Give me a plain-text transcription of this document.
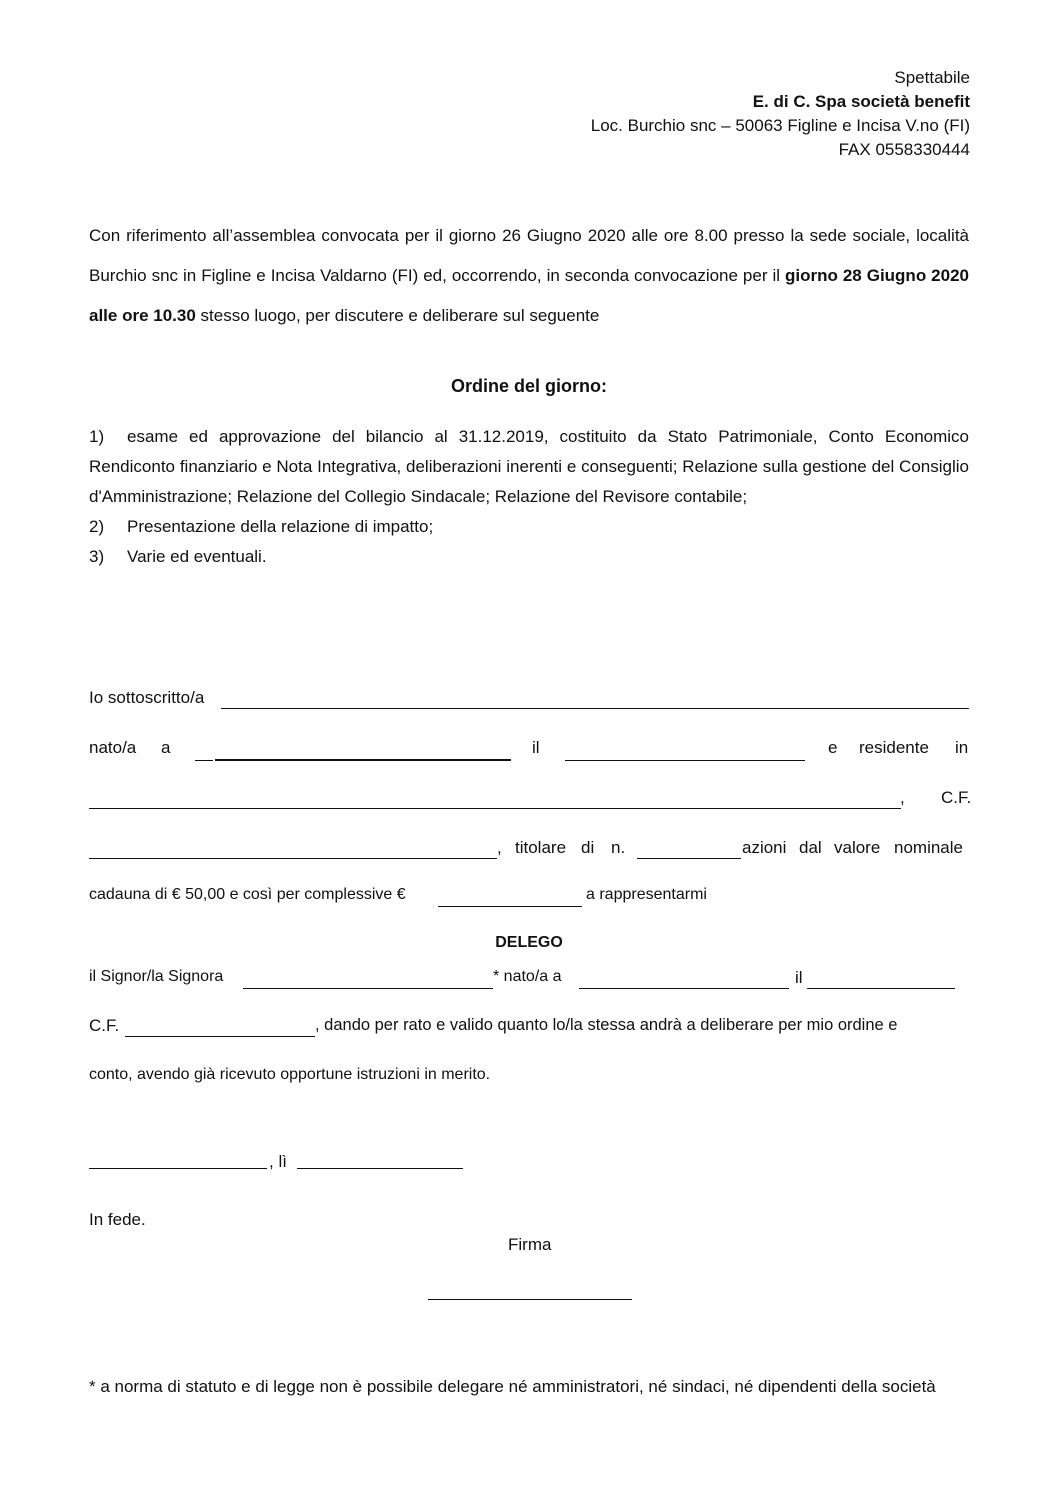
Spettabile
E. di C. Spa società benefit
Loc. Burchio snc – 50063 Figline e Incisa V.no (FI)
FAX 0558330444
Con riferimento all’assemblea convocata per il giorno 26 Giugno 2020 alle ore 8.00 presso la sede sociale, località Burchio snc in Figline e Incisa Valdarno (FI) ed, occorrendo, in seconda convocazione per il giorno 28 Giugno 2020 alle ore 10.30 stesso luogo, per discutere e deliberare sul seguente
Ordine del giorno:
1) esame ed approvazione del bilancio al 31.12.2019, costituito da Stato Patrimoniale, Conto Economico Rendiconto finanziario e Nota Integrativa, deliberazioni inerenti e conseguenti; Relazione sulla gestione del Consiglio d'Amministrazione; Relazione del Collegio Sindacale; Relazione del Revisore contabile;
2) Presentazione della relazione di impatto;
3) Varie ed eventuali.
Io sottoscritto/a
nato/a a	il	e residente in
, C.F.
, titolare di n.	azioni dal valore nominale
cadauna di € 50,00 e così per complessive €	a rappresentarmi
DELEGO
il Signor/la Signora	* nato/a a	il
C.F.	, dando per rato e valido quanto lo/la stessa andrà a deliberare per mio ordine e
conto, avendo già ricevuto opportune istruzioni in merito.
, lì
In fede.
Firma
* a norma di statuto e di legge non è possibile delegare né amministratori, né sindaci, né dipendenti della società
